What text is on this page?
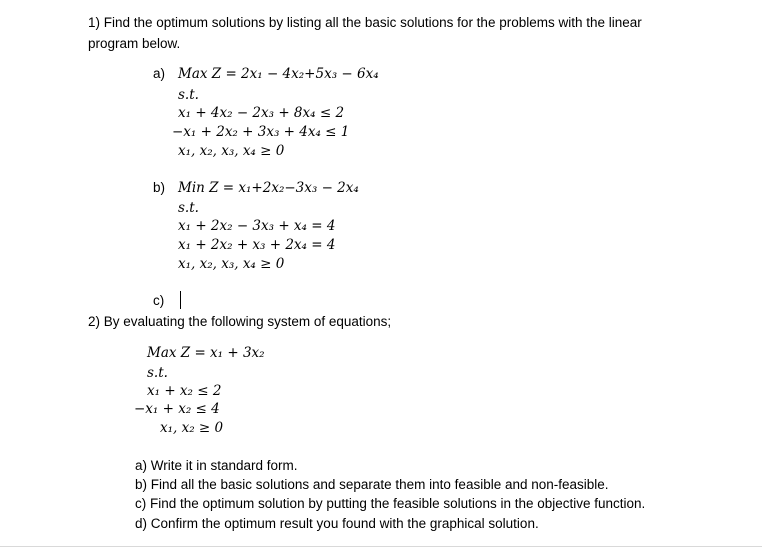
1) Find the optimum solutions by listing all the basic solutions for the problems with the linear
program below.
a) Max Z = 2x₁ − 4x₂+5x₃ − 6x₄
s.t.
x₁ + 4x₂ − 2x₃ + 8x₄ ≤ 2
−x₁ + 2x₂ + 3x₃ + 4x₄ ≤ 1
x₁, x₂, x₃, x₄ ≥ 0
b) Min Z = x₁+2x₂−3x₃ − 2x₄
s.t.
x₁ + 2x₂ − 3x₃ + x₄ = 4
x₁ + 2x₂ + x₃ + 2x₄ = 4
x₁, x₂, x₃, x₄ ≥ 0
c)
2) By evaluating the following system of equations;
Max Z = x₁ + 3x₂
s.t.
x₁ + x₂ ≤ 2
−x₁ + x₂ ≤ 4
x₁, x₂ ≥ 0
a) Write it in standard form.
b) Find all the basic solutions and separate them into feasible and non-feasible.
c) Find the optimum solution by putting the feasible solutions in the objective function.
d) Confirm the optimum result you found with the graphical solution.
